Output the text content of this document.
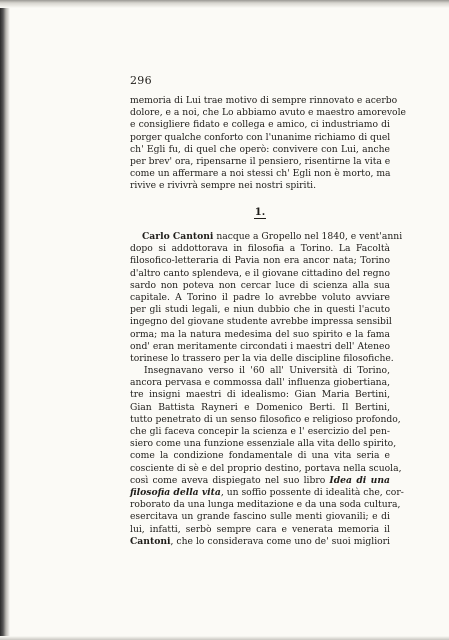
296
memoria di Lui trae motivo di sempre rinnovato e acerbo
dolore, e a noi, che Lo abbiamo avuto e maestro amorevole
e consigliere fidato e collega e amico, ci industriamo di
porger qualche conforto con l'unanime richiamo di quel
ch' Egli fu, di quel che operò: convivere con Lui, anche
per brev' ora, ripensarne il pensiero, risentirne la vita e
come un affermare a noi stessi ch' Egli non è morto, ma
rivive e rivivrà sempre nei nostri spiriti.
1.
Carlo Cantoni nacque a Gropello nel 1840, e vent'anni
dopo si addottorava in filosofia a Torino. La Facoltà
filosofico-letteraria di Pavia non era ancor nata; Torino
d'altro canto splendeva, e il giovane cittadino del regno
sardo non poteva non cercar luce di scienza alla sua
capitale. A Torino il padre lo avrebbe voluto avviare
per gli studi legali, e niun dubbio che in questi l'acuto
ingegno del giovane studente avrebbe impressa sensibil
orma; ma la natura medesima del suo spirito e la fama
ond' eran meritamente circondati i maestri dell' Ateneo
torinese lo trassero per la via delle discipline filosofiche.
Insegnavano verso il '60 all' Università di Torino,
ancora pervasa e commossa dall' influenza giobertiana,
tre insigni maestri di idealismo: Gian Maria Bertini,
Gian Battista Rayneri e Domenico Berti. Il Bertini,
tutto penetrato di un senso filosofico e religioso profondo,
che gli faceva concepir la scienza e l' esercizio del pen-
siero come una funzione essenziale alla vita dello spirito,
come la condizione fondamentale di una vita seria e
cosciente di sè e del proprio destino, portava nella scuola,
così come aveva dispiegato nel suo libro Idea di una
filosofia della vita, un soffio possente di idealità che, cor-
roborato da una lunga meditazione e da una soda cultura,
esercitava un grande fascino sulle menti giovanili; e di
lui, infatti, serbò sempre cara e venerata memoria il
Cantoni, che lo considerava come uno de' suoi migliori
